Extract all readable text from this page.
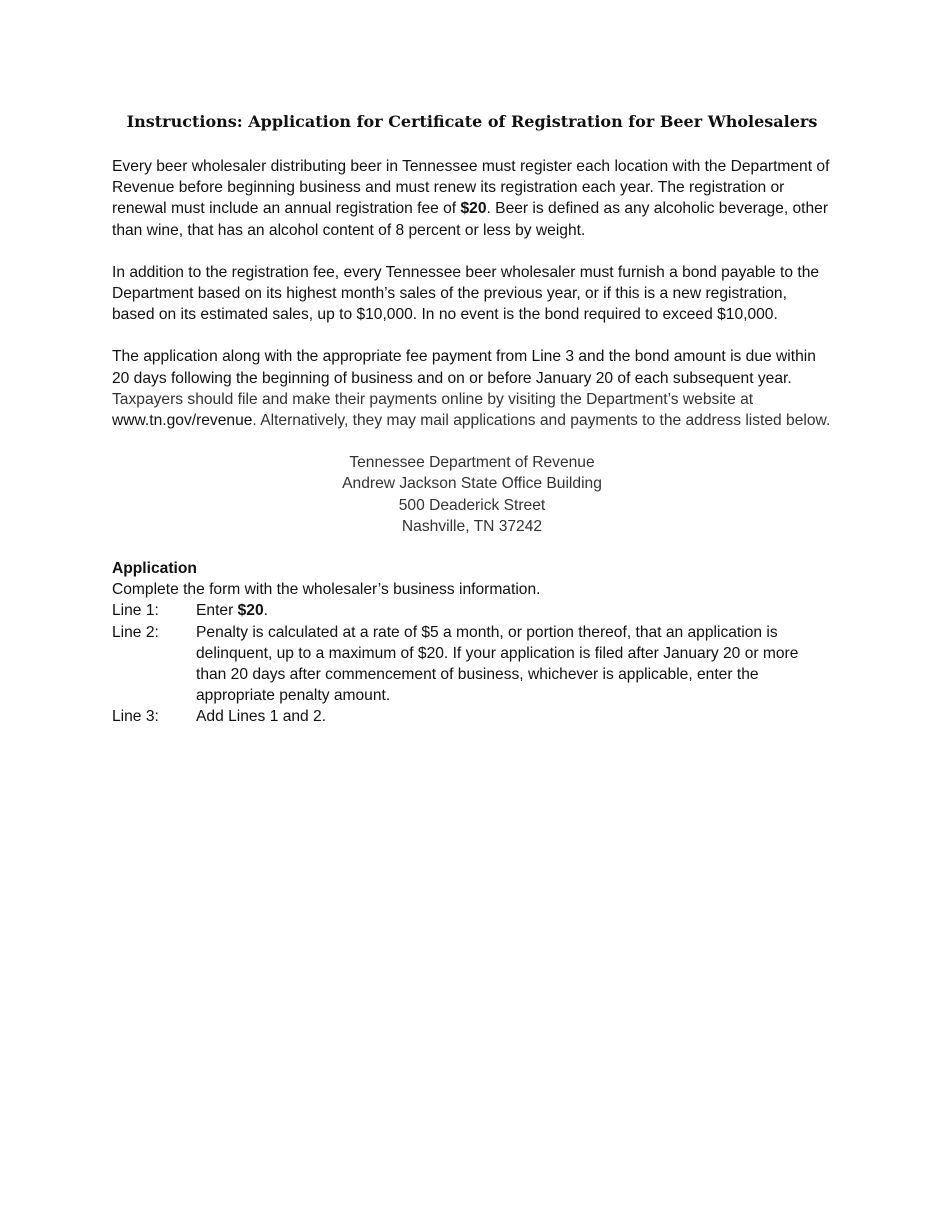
Instructions: Application for Certificate of Registration for Beer Wholesalers

Every beer wholesaler distributing beer in Tennessee must register each location with the Department of Revenue before beginning business and must renew its registration each year. The registration or renewal must include an annual registration fee of $20. Beer is defined as any alcoholic beverage, other than wine, that has an alcohol content of 8 percent or less by weight.

In addition to the registration fee, every Tennessee beer wholesaler must furnish a bond payable to the Department based on its highest month’s sales of the previous year, or if this is a new registration, based on its estimated sales, up to $10,000. In no event is the bond required to exceed $10,000.

The application along with the appropriate fee payment from Line 3 and the bond amount is due within 20 days following the beginning of business and on or before January 20 of each subsequent year. Taxpayers should file and make their payments online by visiting the Department’s website at www.tn.gov/revenue. Alternatively, they may mail applications and payments to the address listed below.

Tennessee Department of Revenue
Andrew Jackson State Office Building
500 Deaderick Street
Nashville, TN 37242
Application
Complete the form with the wholesaler’s business information.
Line 1:	Enter $20.
Line 2:	Penalty is calculated at a rate of $5 a month, or portion thereof, that an application is delinquent, up to a maximum of $20. If your application is filed after January 20 or more than 20 days after commencement of business, whichever is applicable, enter the appropriate penalty amount.
Line 3:	Add Lines 1 and 2.
